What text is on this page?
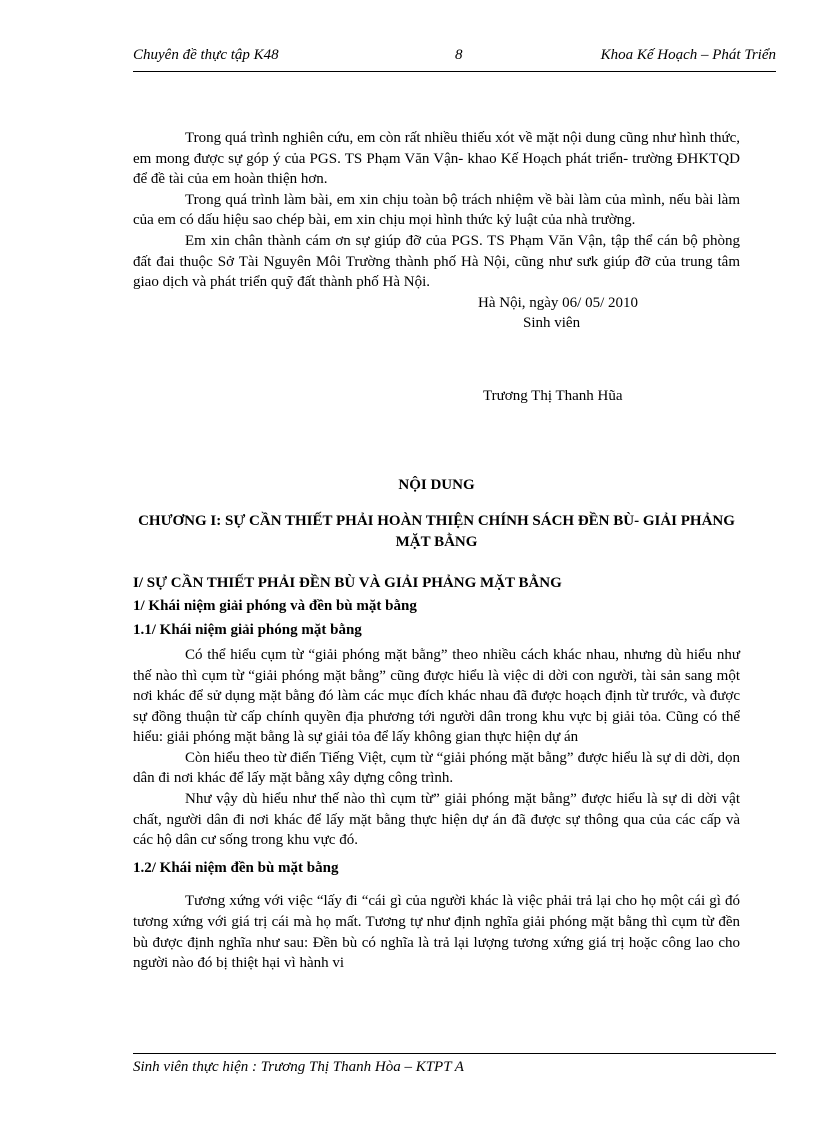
Chuyên đề thực tập K48	8	Khoa Kế Hoạch – Phát Triển

Trong quá trình nghiên cứu, em còn rất nhiều thiếu xót về mặt nội dung cũng như hình thức, em mong được sự góp ý của PGS. TS Phạm Văn Vận- khao Kế Hoạch phát triển- trường ĐHKTQD để đề tài của em hoàn thiện hơn.

Trong quá trình làm bài, em xin chịu toàn bộ trách nhiệm về bài làm của mình, nếu bài làm của em có dấu hiệu sao chép bài, em xin chịu mọi hình thức kỷ luật của nhà trường.

Em xin chân thành cám ơn sự giúp đỡ của PGS. TS Phạm Văn Vận, tập thể cán bộ phòng đất đai thuộc Sở Tài Nguyên Môi Trường thành phố Hà Nội, cũng như sưk giúp đỡ của trung tâm giao dịch và phát triển quỹ đất thành phố Hà Nội.

Hà Nội, ngày 06/ 05/ 2010

Sinh viên

Trương Thị Thanh Hũa

NỘI DUNG

CHƯƠNG I: SỰ CẦN THIẾT PHẢI HOÀN THIỆN CHÍNH SÁCH ĐỀN BÙ- GIẢI PHẢNG MẶT BẰNG

I/ SỰ CẦN THIẾT PHẢI ĐỀN BÙ VÀ GIẢI PHẢNG MẶT BẰNG

1/ Khái niệm giải phóng và đền bù mặt bằng

1.1/ Khái niệm giải phóng mặt bằng

Có thể hiểu cụm từ “giải phóng mặt bằng” theo nhiều cách khác nhau, nhưng dù hiểu như thế nào thì cụm từ “giải phóng mặt bằng” cũng được hiểu là việc di dời con người, tài sản sang một nơi khác để sử dụng mặt bằng đó làm các mục đích khác nhau đã được hoạch định từ trước, và được sự đồng thuận từ cấp chính quyền địa phương tới người dân trong khu vực bị giải tỏa. Cũng có thể hiểu: giải phóng mặt bằng là sự giải tỏa để lấy không gian thực hiện dự án

Còn hiểu theo từ điển Tiếng Việt, cụm từ “giải phóng mặt bằng” được hiểu là sự di dời, dọn dân đi nơi khác để lấy mặt bằng xây dựng công trình.

Như vậy dù hiểu như thế nào thì cụm từ” giải phóng mặt bằng” được hiểu là sự di dời vật chất, người dân đi nơi khác để lấy mặt bằng thực hiện dự án đã được sự thông qua của các cấp và các hộ dân cư sống trong khu vực đó.

1.2/ Khái niệm đền bù mặt bằng

Tương xứng với việc “lấy đi “cái gì của người khác là việc phải trả lại cho họ một cái gì đó tương xứng với giá trị cái mà họ mất. Tương tự như định nghĩa giải phóng mặt bằng thì cụm từ đền bù được định nghĩa như sau: Đền bù có nghĩa là trả lại lượng tương xứng giá trị hoặc công lao cho người nào đó bị thiệt hại vì hành vi

Sinh viên thực hiện : Trương Thị Thanh Hòa – KTPT A
